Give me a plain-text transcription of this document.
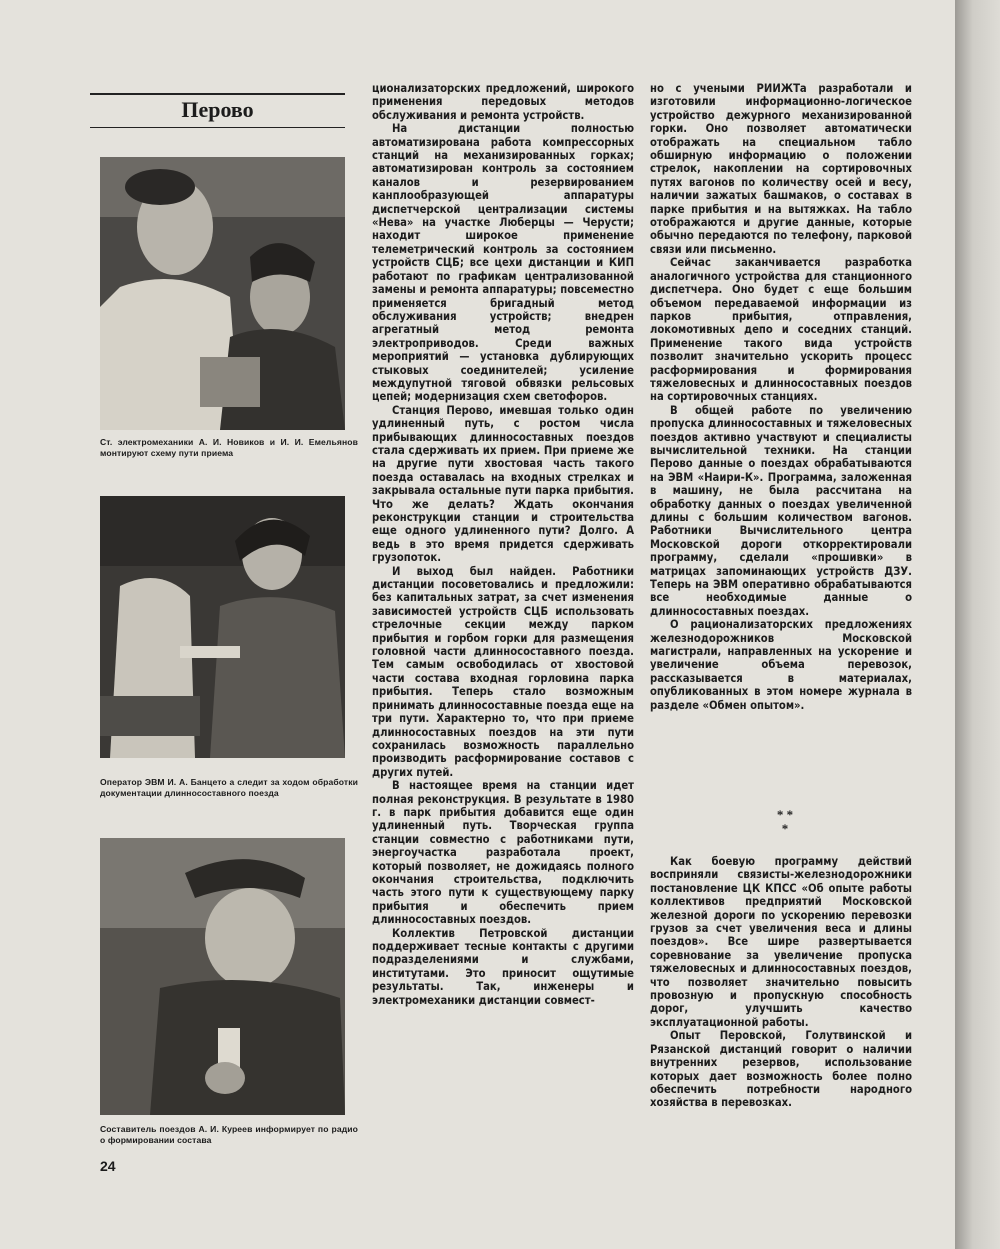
Перово
Ст. электромеханики А. И. Новиков и И. И. Емельянов монтируют схему пути приема
Оператор ЭВМ И. А. Банцето а следит за ходом обработки документации длинносоставного поезда
Составитель поездов А. И. Куреев информирует по радио о формировании состава

ционализаторских предложений, широкого применения передовых методов обслуживания и ремонта устройств.

На дистанции полностью автоматизирована работа компрессорных станций на механизированных горках; автоматизирован контроль за состоянием каналов и резервированием канплообразующей аппаратуры диспетчерской централизации системы «Нева» на участке Люберцы — Черусти; находит широкое применение телеметрический контроль за состоянием устройств СЦБ; все цехи дистанции и КИП работают по графикам централизованной замены и ремонта аппаратуры; повсеместно применяется бригадный метод обслуживания устройств; внедрен агрегатный метод ремонта электроприводов. Среди важных мероприятий — установка дублирующих стыковых соединителей; усиление междупутной тяговой обвязки рельсовых цепей; модернизация схем светофоров.

Станция Перово, имевшая только один удлиненный путь, с ростом числа прибывающих длинносоставных поездов стала сдерживать их прием. При приеме же на другие пути хвостовая часть такого поезда оставалась на входных стрелках и закрывала остальные пути парка прибытия. Что же делать? Ждать окончания реконструкции станции и строительства еще одного удлиненного пути? Долго. А ведь в это время придется сдерживать грузопоток.

И выход был найден. Работники дистанции посоветовались и предложили: без капитальных затрат, за счет изменения зависимостей устройств СЦБ использовать стрелочные секции между парком прибытия и горбом горки для размещения головной части длинносоставного поезда. Тем самым освободилась от хвостовой части состава входная горловина парка прибытия. Теперь стало возможным принимать длинносоставные поезда еще на три пути. Характерно то, что при приеме длинносоставных поездов на эти пути сохранилась возможность параллельно производить расформирование составов с других путей.

В настоящее время на станции идет полная реконструкция. В результате в 1980 г. в парк прибытия добавится еще один удлиненный путь. Творческая группа станции совместно с работниками пути, энергоучастка разработала проект, который позволяет, не дожидаясь полного окончания строительства, подключить часть этого пути к существующему парку прибытия и обеспечить прием длинносоставных поездов.

Коллектив Петровской дистанции поддерживает тесные контакты с другими подразделениями и службами, институтами. Это приносит ощутимые результаты. Так, инженеры и электромеханики дистанции совмест-

но с учеными РИИЖТа разработали и изготовили информационно-логическое устройство дежурного механизированной горки. Оно позволяет автоматически отображать на специальном табло обширную информацию о положении стрелок, накоплении на сортировочных путях вагонов по количеству осей и весу, наличии зажатых башмаков, о составах в парке прибытия и на вытяжках. На табло отображаются и другие данные, которые обычно передаются по телефону, парковой связи или письменно.

Сейчас заканчивается разработка аналогичного устройства для станционного диспетчера. Оно будет с еще большим объемом передаваемой информации из парков прибытия, отправления, локомотивных депо и соседних станций. Применение такого вида устройств позволит значительно ускорить процесс расформирования и формирования тяжеловесных и длинносоставных поездов на сортировочных станциях.

В общей работе по увеличению пропуска длинносоставных и тяжеловесных поездов активно участвуют и специалисты вычислительной техники. На станции Перово данные о поездах обрабатываются на ЭВМ «Наири-К». Программа, заложенная в машину, не была рассчитана на обработку данных о поездах увеличенной длины с большим количеством вагонов. Работники Вычислительного центра Московской дороги откорректировали программу, сделали «прошивки» в матрицах запоминающих устройств ДЗУ. Теперь на ЭВМ оперативно обрабатываются все необходимые данные о длинносоставных поездах.

О рационализаторских предложениях железнодорожников Московской магистрали, направленных на ускорение и увеличение объема перевозок, рассказывается в материалах, опубликованных в этом номере журнала в разделе «Обмен опытом».

* *
*

Как боевую программу действий восприняли связисты-железнодорожники постановление ЦК КПСС «Об опыте работы коллективов предприятий Московской железной дороги по ускорению перевозки грузов за счет увеличения веса и длины поездов». Все шире развертывается соревнование за увеличение пропуска тяжеловесных и длинносоставных поездов, что позволяет значительно повысить провозную и пропускную способность дорог, улучшить качество эксплуатационной работы.

Опыт Перовской, Голутвинской и Рязанской дистанций говорит о наличии внутренних резервов, использование которых дает возможность более полно обеспечить потребности народного хозяйства в перевозках.

24
